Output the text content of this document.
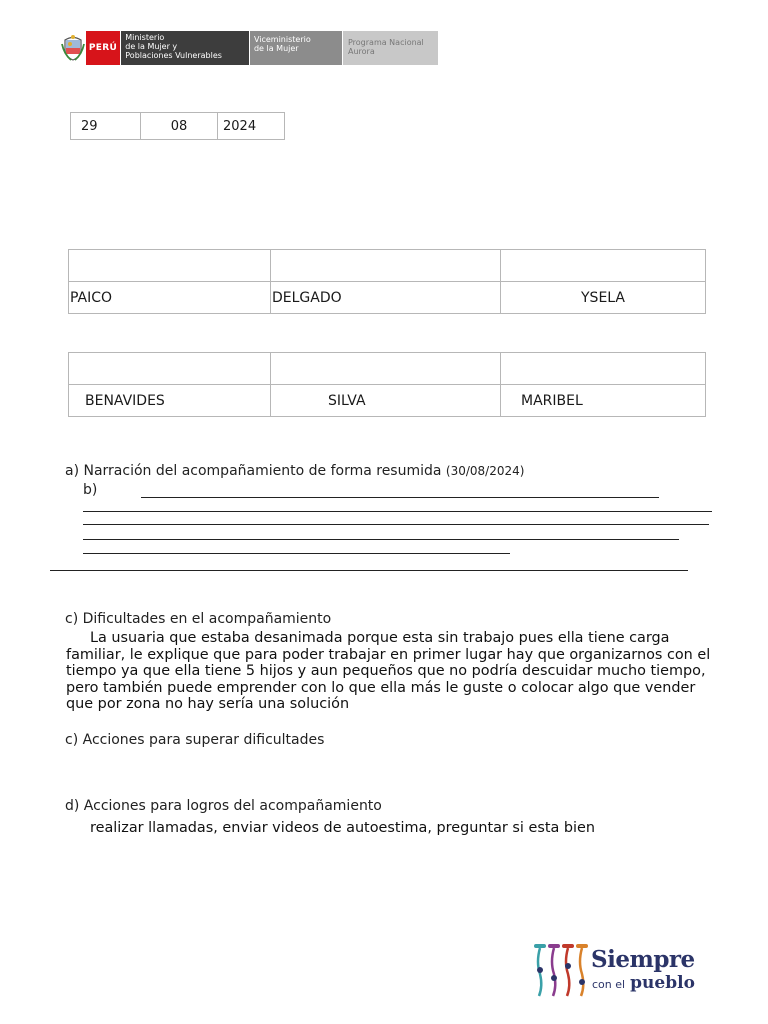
PERÚ
Ministerio
de la Mujer y
Poblaciones Vulnerables
Viceministerio
de la Mujer
Programa Nacional
Aurora
29	08	2024

PAICO	DELGADO	YSELA

BENAVIDES	SILVA	MARIBEL
a) Narración del acompañamiento de forma resumida (30/08/2024)
b)
c) Dificultades en el acompañamiento
La usuaria que estaba desanimada porque esta sin trabajo pues ella tiene carga familiar, le explique que para poder trabajar en primer lugar hay que organizarnos con el tiempo ya que ella tiene 5 hijos y aun pequeños que no podría descuidar mucho tiempo, pero también puede emprender con lo que ella más le guste o colocar algo que vender que por zona no hay sería una solución
c) Acciones para superar dificultades
d) Acciones para logros del acompañamiento
realizar llamadas, enviar videos de autoestima, preguntar si esta bien
Siempre
con el pueblo
